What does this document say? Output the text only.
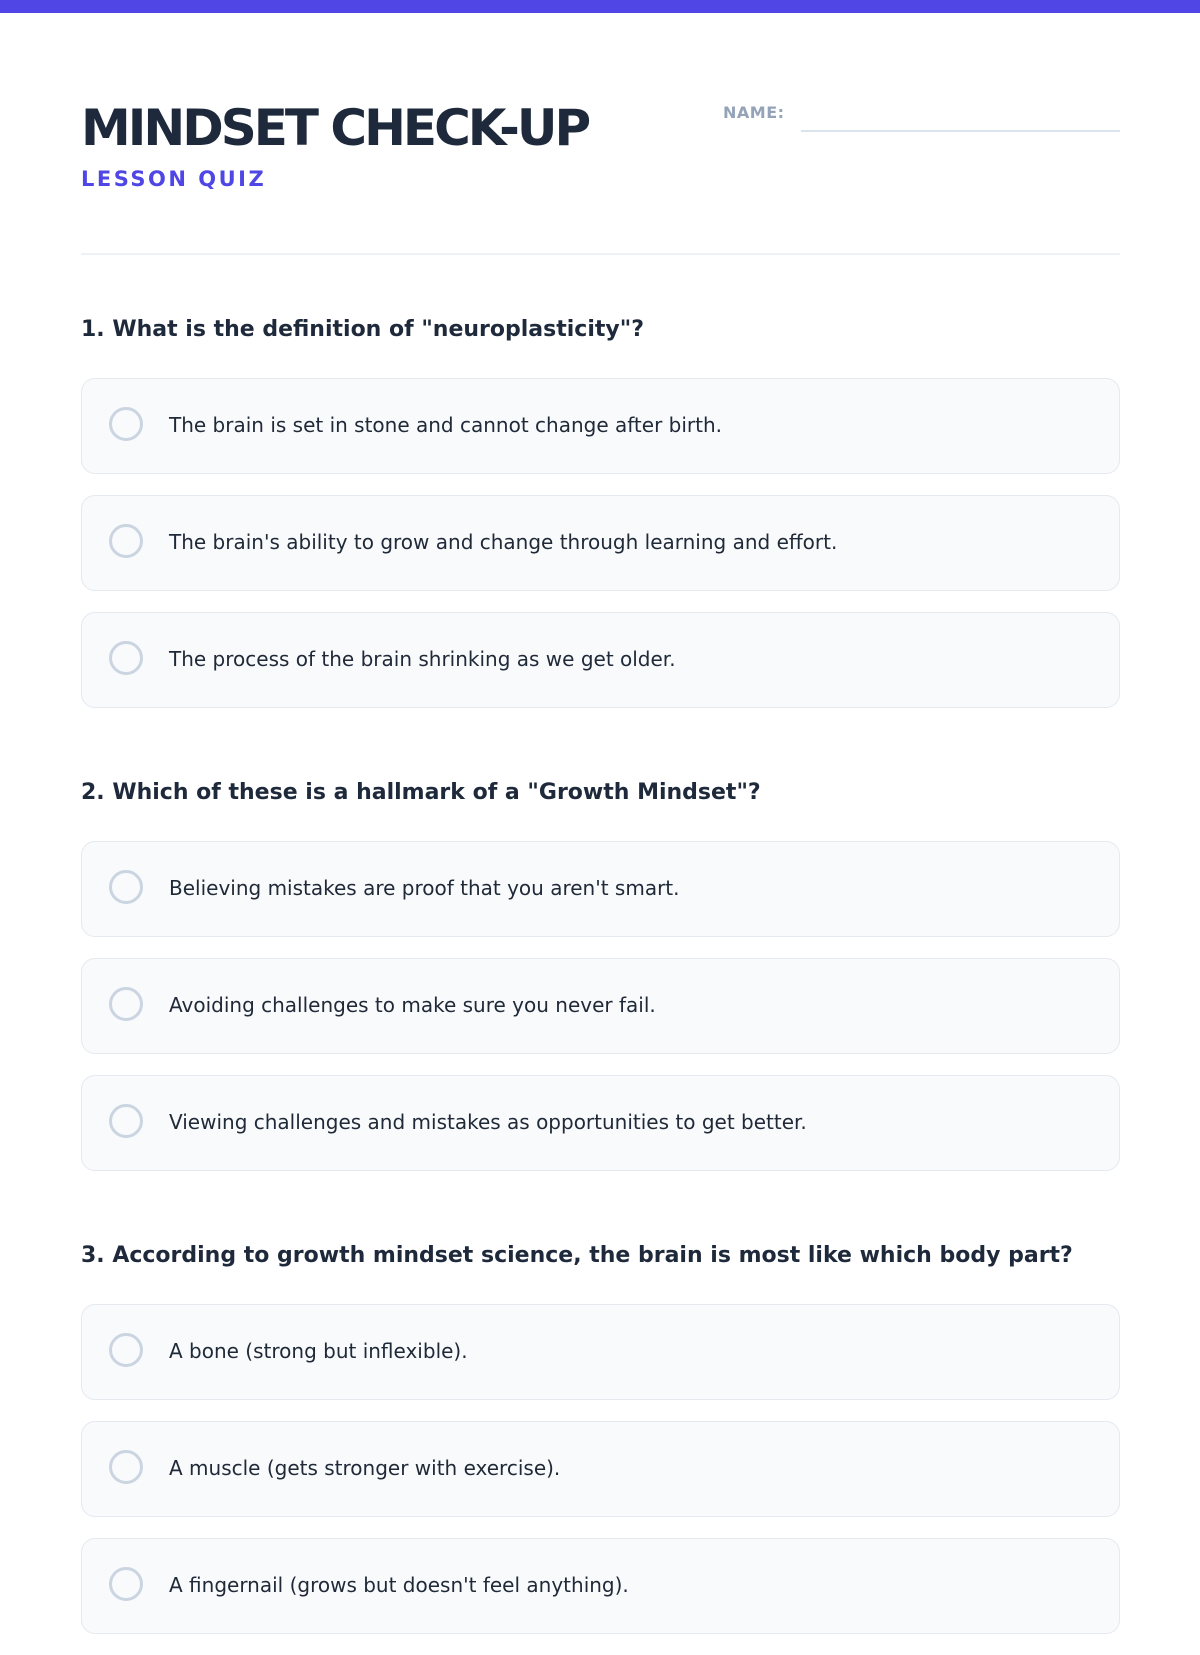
MINDSET CHECK-UP
LESSON QUIZ
NAME:
1. What is the definition of "neuroplasticity"?
The brain is set in stone and cannot change after birth.
The brain's ability to grow and change through learning and effort.
The process of the brain shrinking as we get older.
2. Which of these is a hallmark of a "Growth Mindset"?
Believing mistakes are proof that you aren't smart.
Avoiding challenges to make sure you never fail.
Viewing challenges and mistakes as opportunities to get better.
3. According to growth mindset science, the brain is most like which body part?
A bone (strong but inflexible).
A muscle (gets stronger with exercise).
A fingernail (grows but doesn't feel anything).
